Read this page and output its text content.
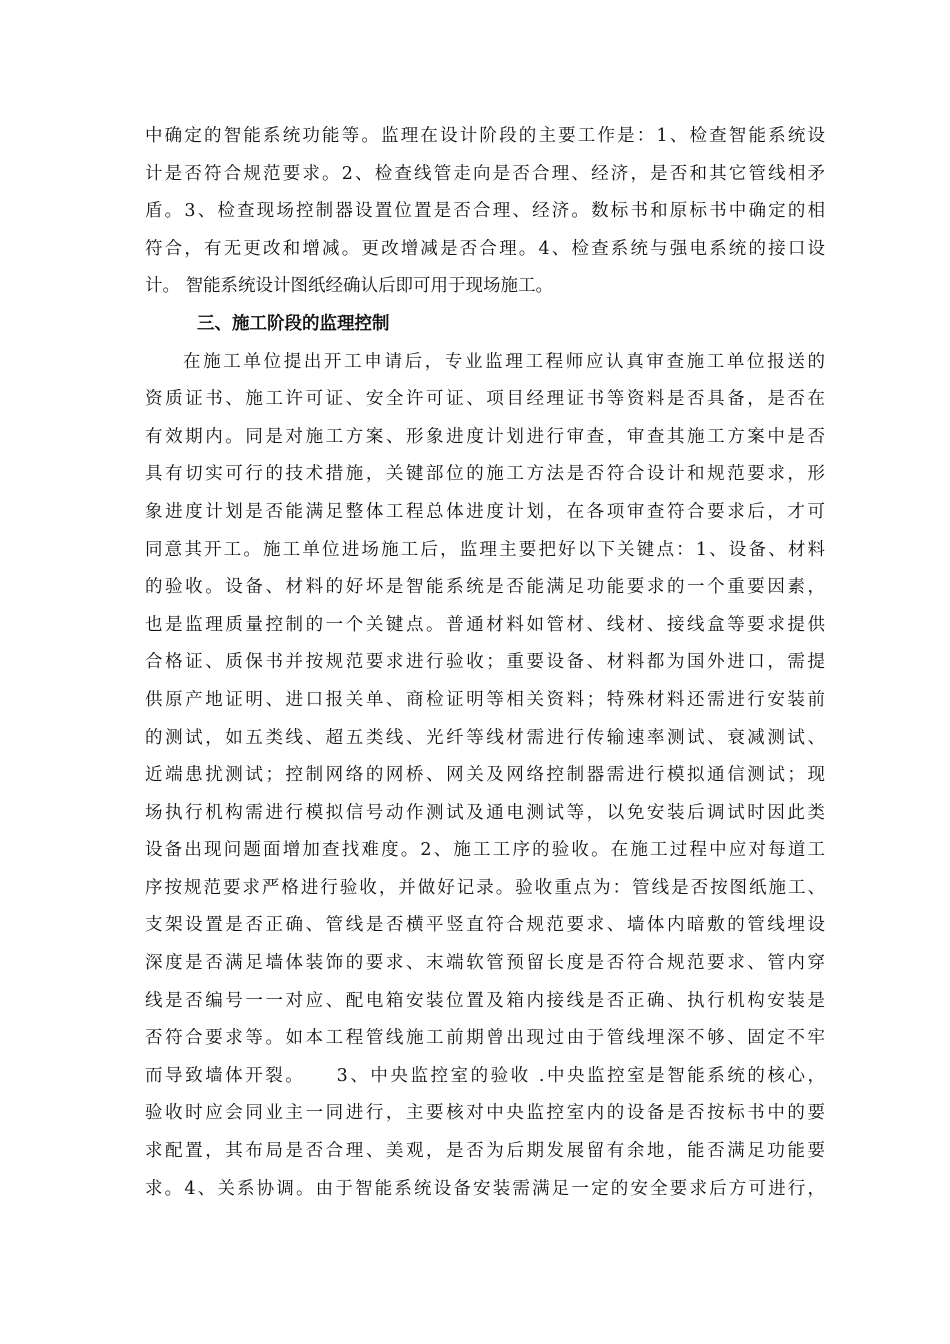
中确定的智能系统功能等。监理在设计阶段的主要工作是：1、检查智能系统设
计是否符合规范要求。2、检查线管走向是否合理、经济，是否和其它管线相矛
盾。3、检查现场控制器设置位置是否合理、经济。数标书和原标书中确定的相
符合，有无更改和增减。更改增减是否合理。4、检查系统与强电系统的接口设
计。 智能系统设计图纸经确认后即可用于现场施工。
三、施工阶段的监理控制
在施工单位提出开工申请后，专业监理工程师应认真审查施工单位报送的
资质证书、施工许可证、安全许可证、项目经理证书等资料是否具备，是否在
有效期内。同是对施工方案、形象进度计划进行审查，审查其施工方案中是否
具有切实可行的技术措施，关键部位的施工方法是否符合设计和规范要求，形
象进度计划是否能满足整体工程总体进度计划，在各项审查符合要求后，才可
同意其开工。施工单位进场施工后，监理主要把好以下关键点：1、设备、材料
的验收。设备、材料的好坏是智能系统是否能满足功能要求的一个重要因素，
也是监理质量控制的一个关键点。普通材料如管材、线材、接线盒等要求提供
合格证、质保书并按规范要求进行验收；重要设备、材料都为国外进口，需提
供原产地证明、进口报关单、商检证明等相关资料；特殊材料还需进行安装前
的测试，如五类线、超五类线、光纤等线材需进行传输速率测试、衰减测试、
近端患扰测试；控制网络的网桥、网关及网络控制器需进行模拟通信测试；现
场执行机构需进行模拟信号动作测试及通电测试等，以免安装后调试时因此类
设备出现问题面增加查找难度。2、施工工序的验收。在施工过程中应对每道工
序按规范要求严格进行验收，并做好记录。验收重点为：管线是否按图纸施工、
支架设置是否正确、管线是否横平竖直符合规范要求、墙体内暗敷的管线埋设
深度是否满足墙体装饰的要求、末端软管预留长度是否符合规范要求、管内穿
线是否编号一一对应、配电箱安装位置及箱内接线是否正确、执行机构安装是
否符合要求等。如本工程管线施工前期曾出现过由于管线埋深不够、固定不牢
而导致墙体开裂。　　3、中央监控室的验收 .中央监控室是智能系统的核心，
验收时应会同业主一同进行，主要核对中央监控室内的设备是否按标书中的要
求配置，其布局是否合理、美观，是否为后期发展留有余地，能否满足功能要
求。4、关系协调。由于智能系统设备安装需满足一定的安全要求后方可进行，
